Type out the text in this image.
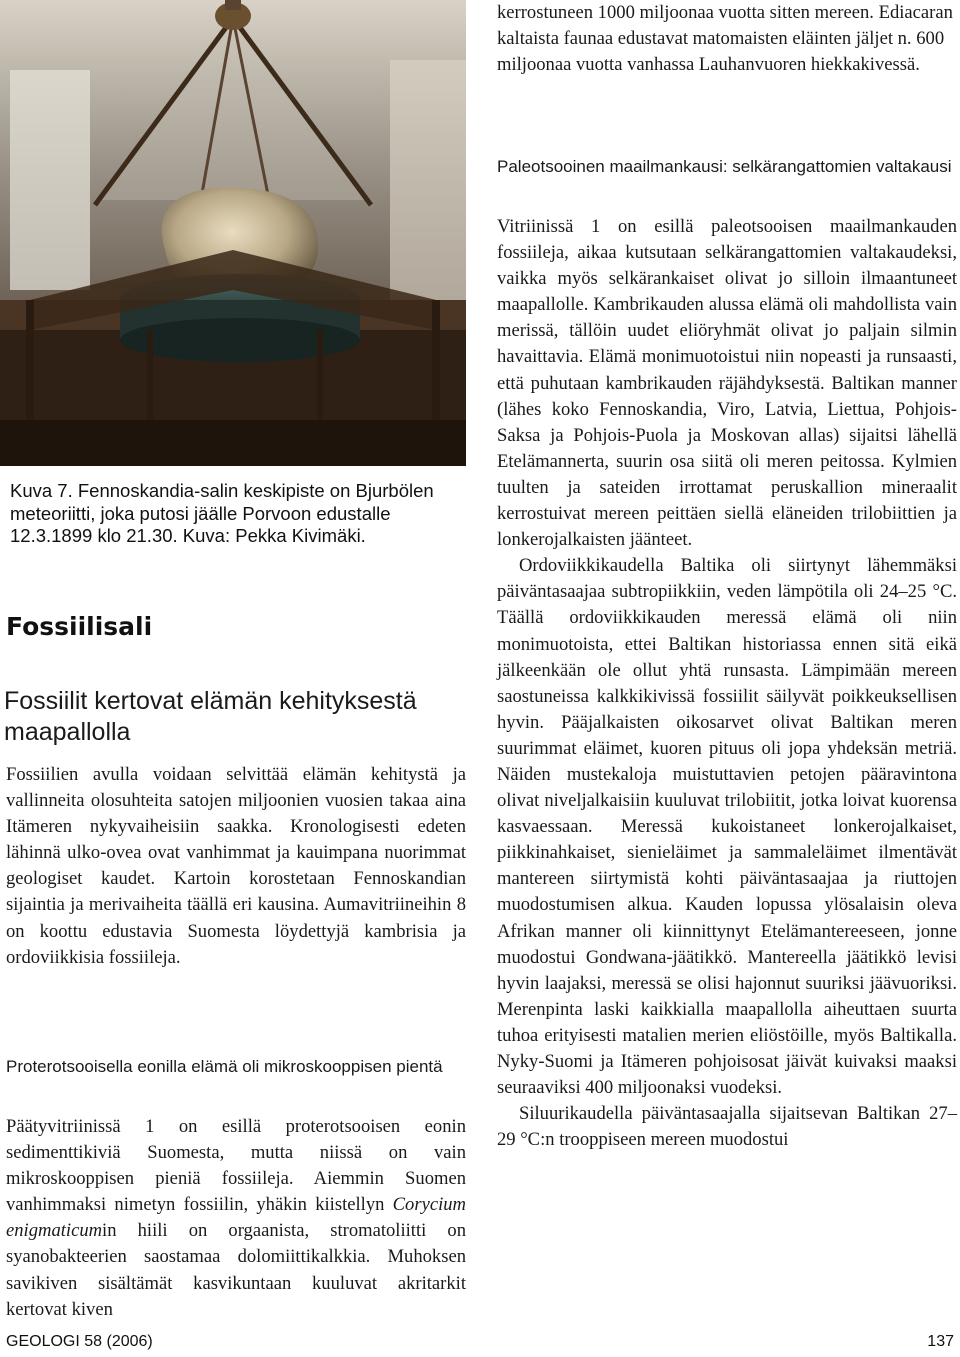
Kuva 7. Fennoskandia-salin keskipiste on Bjurbölen meteoriitti, joka putosi jäälle Porvoon edustalle 12.3.1899 klo 21.30. Kuva: Pekka Kivimäki.
Fossiilisali
Fossiilit kertovat elämän kehityksestä maapallolla

Fossiilien avulla voidaan selvittää elämän kehitystä ja vallinneita olosuhteita satojen miljoonien vuosien takaa aina Itämeren nykyvaiheisiin saakka. Kronologisesti edeten lähinnä ulko-ovea ovat vanhimmat ja kauimpana nuorimmat geologiset kaudet. Kartoin korostetaan Fennoskandian sijaintia ja merivaiheita täällä eri kausina. Aumavitriineihin 8 on koottu edustavia Suomesta löydettyjä kambrisia ja ordoviikkisia fossiileja.

Proterotsooisella eonilla elämä oli mikroskooppisen pientä

Päätyvitriinissä 1 on esillä proterotsooisen eonin sedimenttikiviä Suomesta, mutta niissä on vain mikroskooppisen pieniä fossiileja. Aiemmin Suomen vanhimmaksi nimetyn fossiilin, yhäkin kiistellyn Corycium enigmaticumin hiili on orgaanista, stromatoliitti on syanobakteerien saostamaa dolomiittikalkkia. Muhoksen savikiven sisältämät kasvikuntaan kuuluvat akritarkit kertovat kiven

kerrostuneen 1000 miljoonaa vuotta sitten mereen. Ediacaran kaltaista faunaa edustavat matomaisten eläinten jäljet n. 600 miljoonaa vuotta vanhassa Lauhanvuoren hiekkakivessä.

Paleotsooinen maailmankausi: selkärangattomien valtakausi

Vitriinissä 1 on esillä paleotsooisen maailmankauden fossiileja, aikaa kutsutaan selkärangattomien valtakaudeksi, vaikka myös selkärankaiset olivat jo silloin ilmaantuneet maapallolle. Kambrikauden alussa elämä oli mahdollista vain merissä, tällöin uudet eliöryhmät olivat jo paljain silmin havaittavia. Elämä monimuotoistui niin nopeasti ja runsaasti, että puhutaan kambrikauden räjähdyksestä. Baltikan manner (lähes koko Fennoskandia, Viro, Latvia, Liettua, Pohjois-Saksa ja Pohjois-Puola ja Moskovan allas) sijaitsi lähellä Etelämannerta, suurin osa siitä oli meren peitossa. Kylmien tuulten ja sateiden irrottamat peruskallion mineraalit kerrostuivat mereen peittäen siellä eläneiden trilobiittien ja lonkerojalkaisten jäänteet.

Ordoviikkikaudella Baltika oli siirtynyt lähemmäksi päiväntasaajaa subtropiikkiin, veden lämpötila oli 24–25 °C. Täällä ordoviikkikauden meressä elämä oli niin monimuotoista, ettei Baltikan historiassa ennen sitä eikä jälkeenkään ole ollut yhtä runsasta. Lämpimään mereen saostuneissa kalkkikivissä fossiilit säilyvät poikkeuksellisen hyvin. Pääjalkaisten oikosarvet olivat Baltikan meren suurimmat eläimet, kuoren pituus oli jopa yhdeksän metriä. Näiden mustekaloja muistuttavien petojen pääravintona olivat niveljalkaisiin kuuluvat trilobiitit, jotka loivat kuorensa kasvaessaan. Meressä kukoistaneet lonkerojalkaiset, piikkinahkaiset, sienieläimet ja sammaleläimet ilmentävät mantereen siirtymistä kohti päiväntasaajaa ja riuttojen muodostumisen alkua. Kauden lopussa ylösalaisin oleva Afrikan manner oli kiinnittynyt Etelämantereeseen, jonne muodostui Gondwana-jäätikkö. Mantereella jäätikkö levisi hyvin laajaksi, meressä se olisi hajonnut suuriksi jäävuoriksi. Merenpinta laski kaikkialla maapallolla aiheuttaen suurta tuhoa erityisesti matalien merien eliöstöille, myös Baltikalla. Nyky-Suomi ja Itämeren pohjoisosat jäivät kuivaksi maaksi seuraaviksi 400 miljoonaksi vuodeksi.

Siluurikaudella päiväntasaajalla sijaitsevan Baltikan 27–29 °C:n trooppiseen mereen muodostui

GEOLOGI 58 (2006)	137
